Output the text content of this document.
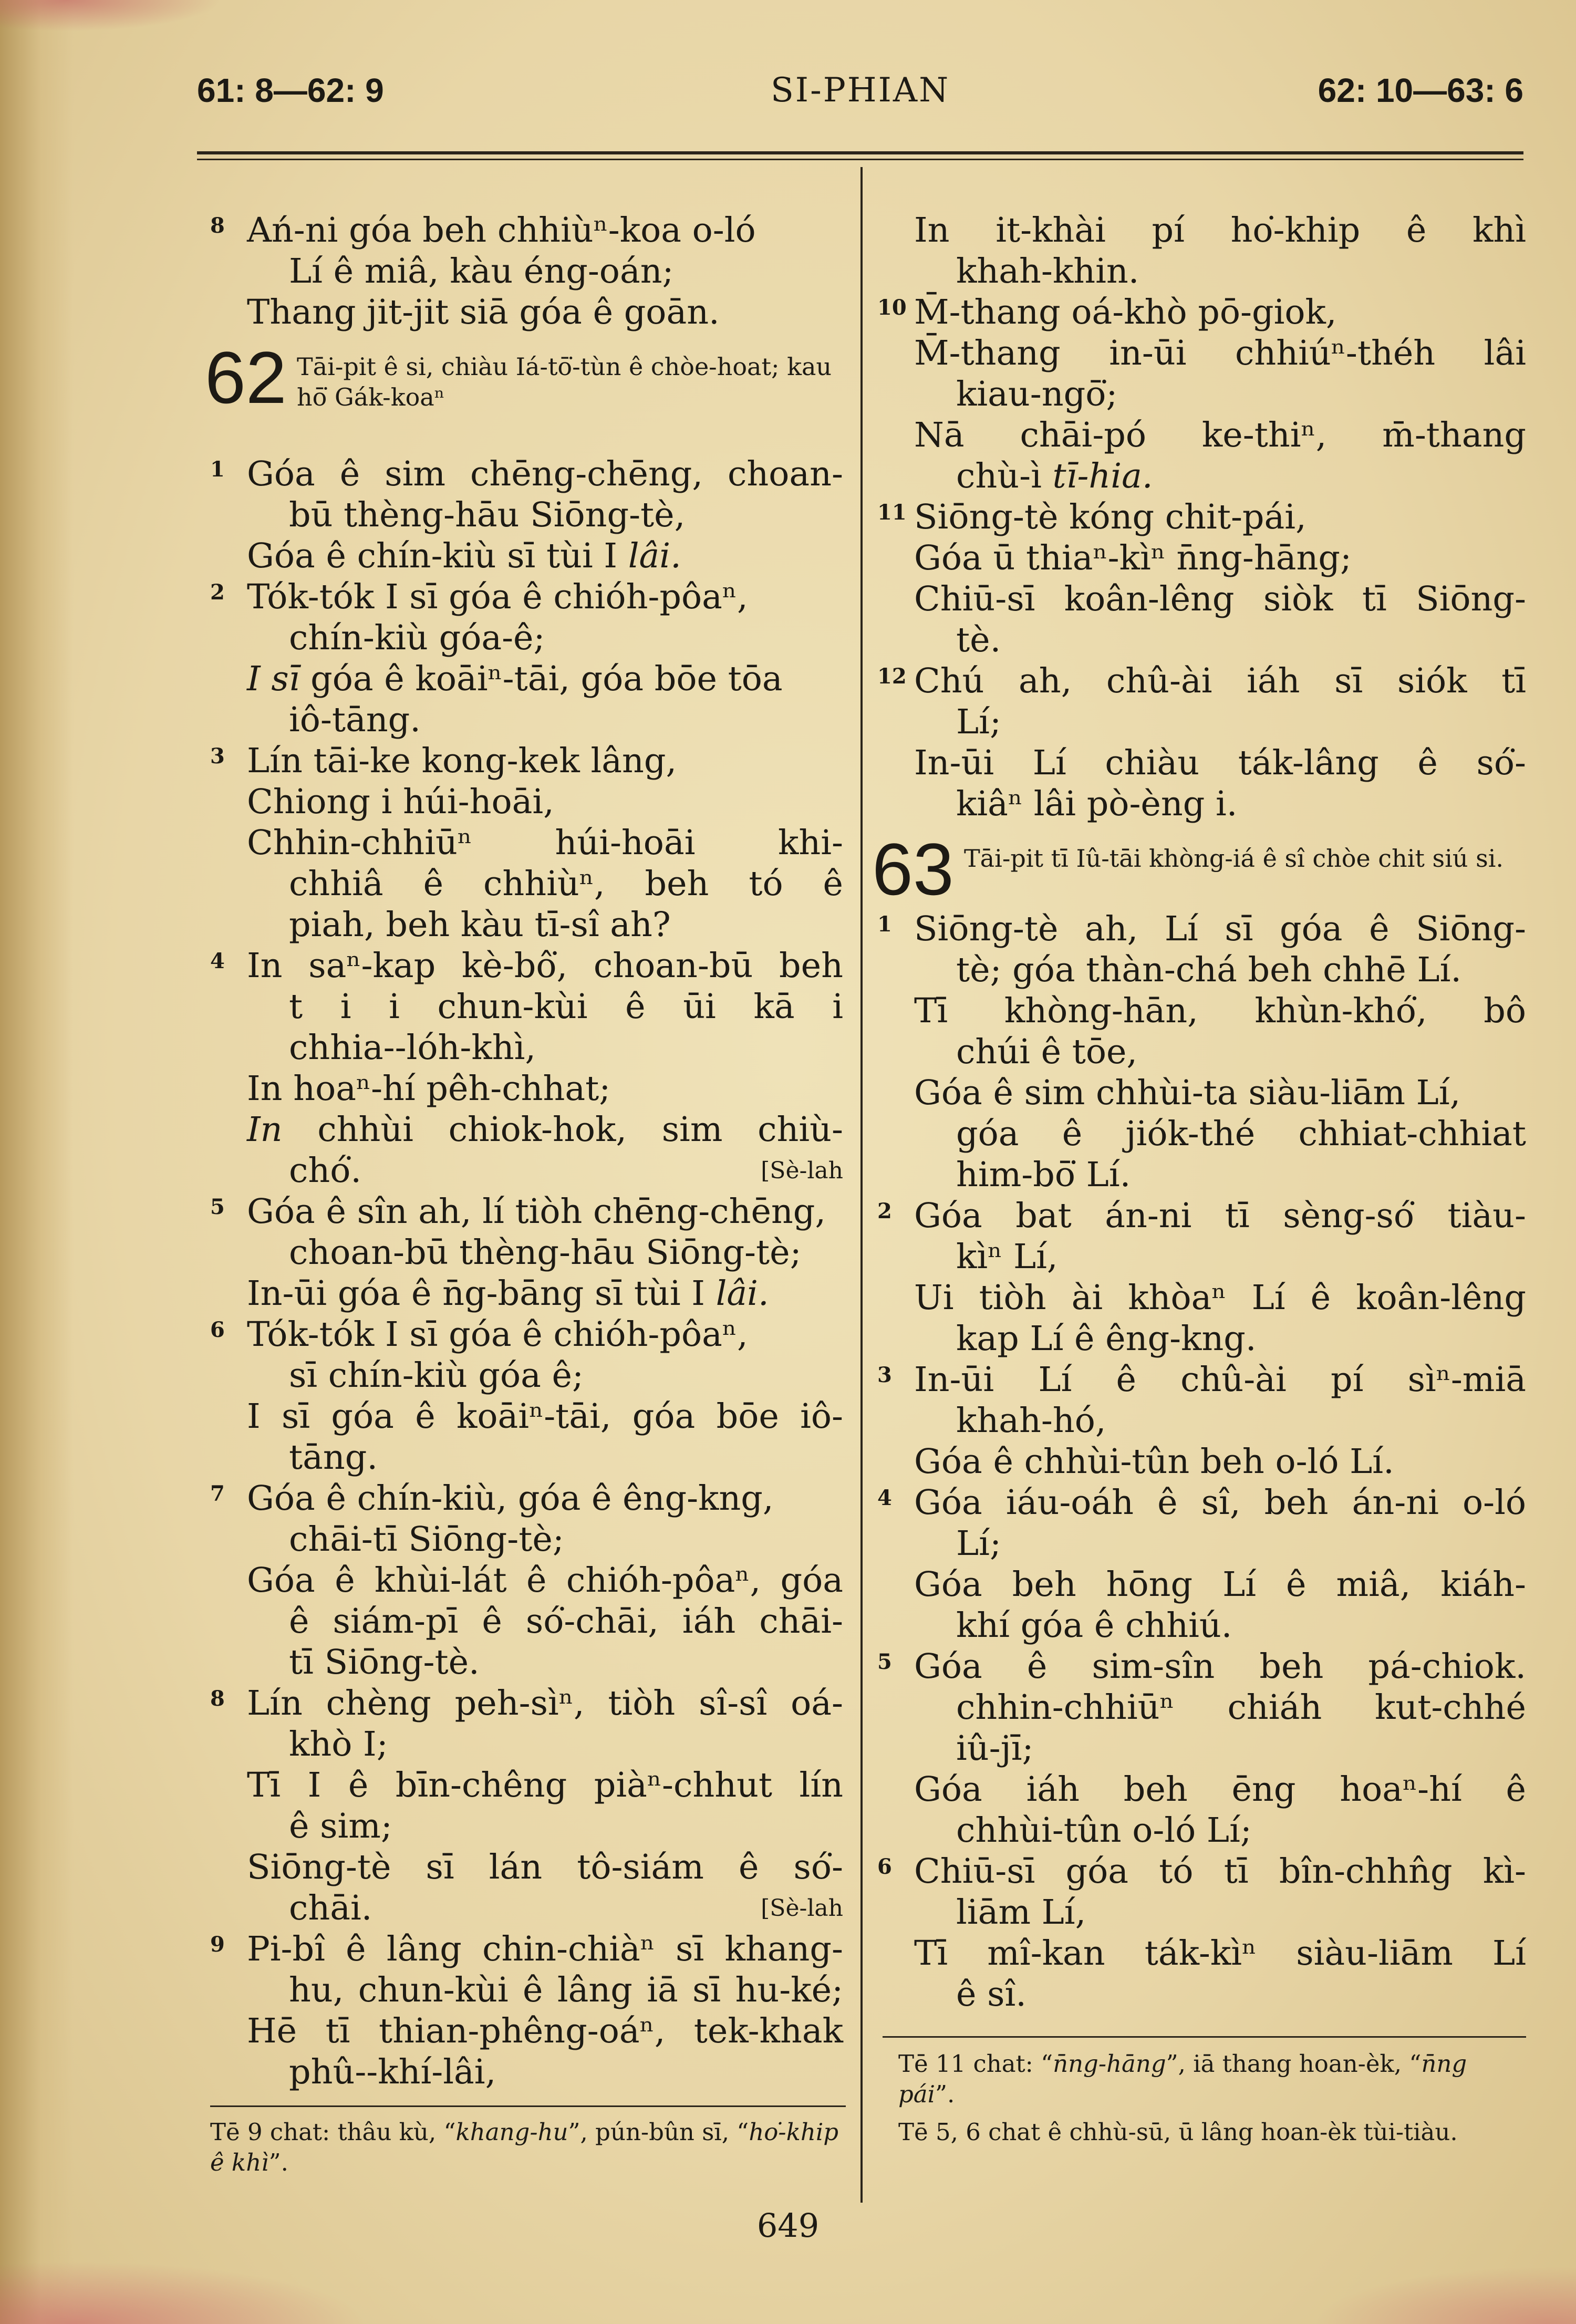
61: 8—62: 9	SI-PHIAN	62: 10—63: 6
8 Ań-ni góa beh chhiùⁿ-koa o-ló
Lí ê miâ, kàu éng-oán;
Thang jit-jit siā góa ê goān.
62 Tāi-pit ê si, chiàu Iá-tō͘-tùn ê chòe-hoat; kau hō͘ Gák-koaⁿ
1 Góa ê sim chēng-chēng, choan-
bū thèng-hāu Siōng-tè,
Góa ê chín-kiù sī tùi I lâi.
2 Tók-tók I sī góa ê chióh-pôaⁿ,
chín-kiù góa-ê;
I sī góa ê koāiⁿ-tāi, góa bōe tōa
iô-tāng.
3 Lín tāi-ke kong-kek lâng,
Chiong i húi-hoāi,
Chhin-chhiūⁿ húi-hoāi khi-
chhiâ ê chhiùⁿ, beh tó ê
piah, beh kàu tī-sî ah?
4 In saⁿ-kap kè-bô͘, choan-bū beh
t i i chun-kùi ê ūi kā i
chhia--lóh-khì,
In hoaⁿ-hí pêh-chhat;
In chhùi chiok-hok, sim chiù-
chó͘.	[Sè-lah
5 Góa ê sîn ah, lí tiòh chēng-chēng,
choan-bū thèng-hāu Siōng-tè;
In-ūi góa ê n̄g-bāng sī tùi I lâi.
6 Tók-tók I sī góa ê chióh-pôaⁿ,
sī chín-kiù góa ê;
I sī góa ê koāiⁿ-tāi, góa bōe iô-
tāng.
7 Góa ê chín-kiù, góa ê êng-kng,
chāi-tī Siōng-tè;
Góa ê khùi-lát ê chióh-pôaⁿ, góa
ê siám-pī ê só͘-chāi, iáh chāi-
tī Siōng-tè.
8 Lín chèng peh-sìⁿ, tiòh sî-sî oá-
khò I;
Tī I ê bīn-chêng piàⁿ-chhut lín
ê sim;
Siōng-tè sī lán tô-siám ê só͘-
chāi.	[Sè-lah
9 Pi-bî ê lâng chin-chiàⁿ sī khang-
hu, chun-kùi ê lâng iā sī hu-ké;
Hē tī thian-phêng-oáⁿ, tek-khak
phû--khí-lâi,
Tē 9 chat: thâu kù, “khang-hu”, pún-bûn sī, “ho͘-khip ê khì”.
In it-khài pí ho͘-khip ê khì
khah-khin.
10 M̄-thang oá-khò pō-giok,
M̄-thang in-ūi chhiúⁿ-théh lâi
kiau-ngō͘;
Nā chāi-pó ke-thiⁿ, m̄-thang
chù-ì tī-hia.
11 Siōng-tè kóng chit-pái,
Góa ū thiaⁿ-kìⁿ n̄ng-hāng;
Chiū-sī koân-lêng siòk tī Siōng-
tè.
12 Chú ah, chû-ài iáh sī siók tī
Lí;
In-ūi Lí chiàu ták-lâng ê só͘-
kiâⁿ lâi pò-èng i.
63 Tāi-pit tī Iû-tāi khòng-iá ê sî chòe chit siú si.
1 Siōng-tè ah, Lí sī góa ê Siōng-
tè; góa thàn-chá beh chhē Lí.
Tī khòng-hān, khùn-khó͘, bô
chúi ê tōe,
Góa ê sim chhùi-ta siàu-liām Lí,
góa ê jiók-thé chhiat-chhiat
him-bō͘ Lí.
2 Góa bat án-ni tī sèng-só͘ tiàu-
kìⁿ Lí,
Ui tiòh ài khòaⁿ Lí ê koân-lêng
kap Lí ê êng-kng.
3 In-ūi Lí ê chû-ài pí sìⁿ-miā
khah-hó,
Góa ê chhùi-tûn beh o-ló Lí.
4 Góa iáu-oáh ê sî, beh án-ni o-ló
Lí;
Góa beh hōng Lí ê miâ, kiáh-
khí góa ê chhiú.
5 Góa ê sim-sîn beh pá-chiok.
chhin-chhiūⁿ chiáh kut-chhé
iû-jī;
Góa iáh beh ēng hoaⁿ-hí ê
chhùi-tûn o-ló Lí;
6 Chiū-sī góa tó tī bîn-chhn̂g kì-
liām Lí,
Tī mî-kan ták-kìⁿ siàu-liām Lí
ê sî.
Tē 11 chat: “n̄ng-hāng”, iā thang hoan-èk, “n̄ng pái”.
Tē 5, 6 chat ê chhù-sū, ū lâng hoan-èk tùi-tiàu.
649
